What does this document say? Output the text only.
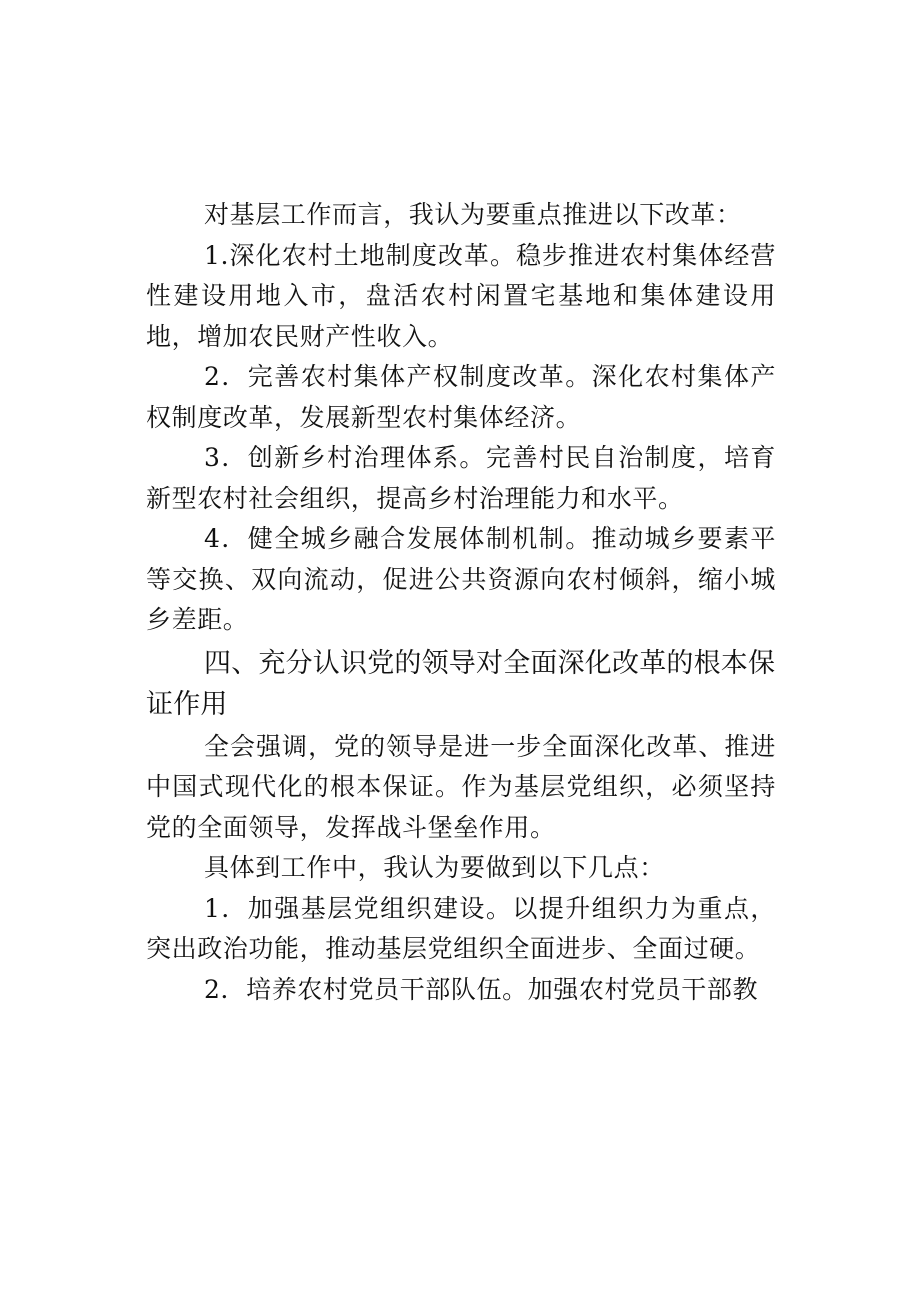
对基层工作而言，我认为要重点推进以下改革：

1.深化农村土地制度改革。稳步推进农村集体经营性建设用地入市，盘活农村闲置宅基地和集体建设用地，增加农民财产性收入。

2．完善农村集体产权制度改革。深化农村集体产权制度改革，发展新型农村集体经济。

3．创新乡村治理体系。完善村民自治制度，培育新型农村社会组织，提高乡村治理能力和水平。

4．健全城乡融合发展体制机制。推动城乡要素平等交换、双向流动，促进公共资源向农村倾斜，缩小城乡差距。

四、充分认识党的领导对全面深化改革的根本保证作用

全会强调，党的领导是进一步全面深化改革、推进中国式现代化的根本保证。作为基层党组织，必须坚持党的全面领导，发挥战斗堡垒作用。

具体到工作中，我认为要做到以下几点：

1．加强基层党组织建设。以提升组织力为重点，突出政治功能，推动基层党组织全面进步、全面过硬。

2．培养农村党员干部队伍。加强农村党员干部教
